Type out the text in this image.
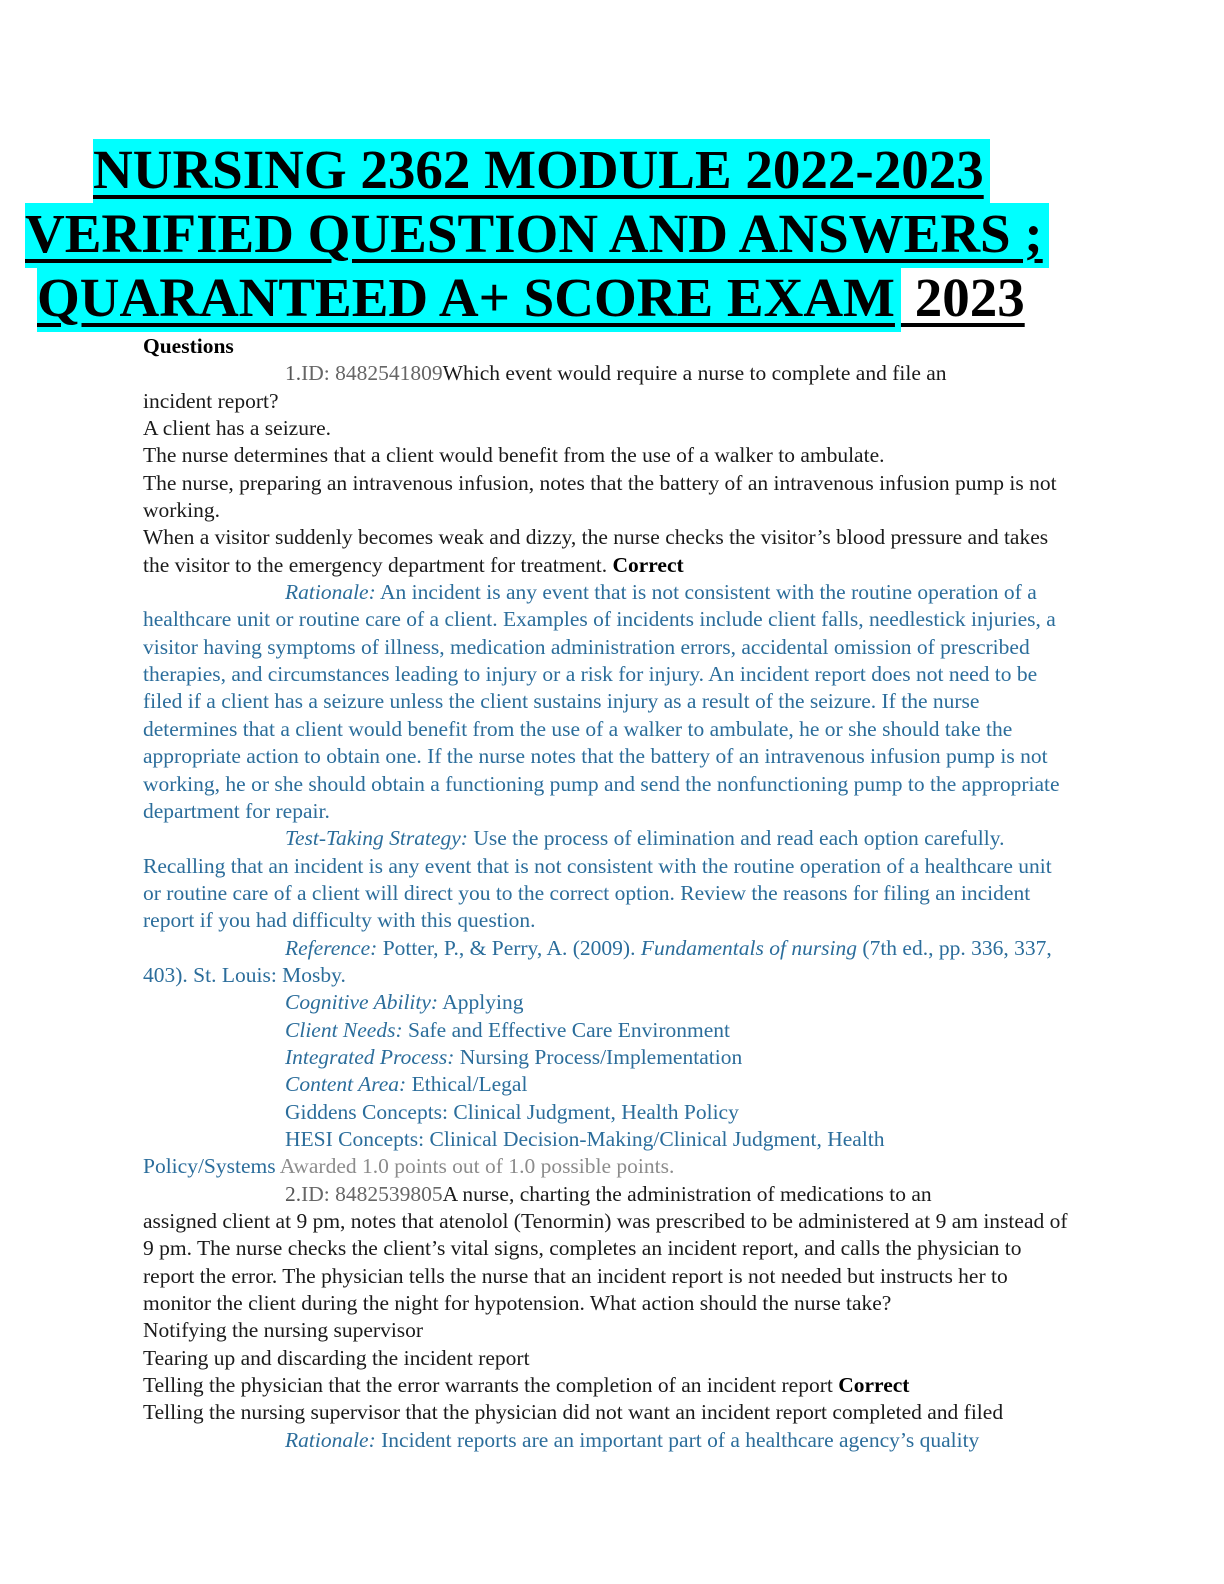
NURSING 2362 MODULE 2022-2023
VERIFIED QUESTION AND ANSWERS ;
QUARANTEED A+ SCORE EXAM 2023

Questions

1.ID: 8482541809Which event would require a nurse to complete and file an

incident report?

A client has a seizure.

The nurse determines that a client would benefit from the use of a walker to ambulate.

The nurse, preparing an intravenous infusion, notes that the battery of an intravenous infusion pump is not working.

When a visitor suddenly becomes weak and dizzy, the nurse checks the visitor’s blood pressure and takes the visitor to the emergency department for treatment. Correct

Rationale: An incident is any event that is not consistent with the routine operation of a healthcare unit or routine care of a client. Examples of incidents include client falls, needlestick injuries, a visitor having symptoms of illness, medication administration errors, accidental omission of prescribed therapies, and circumstances leading to injury or a risk for injury. An incident report does not need to be filed if a client has a seizure unless the client sustains injury as a result of the seizure. If the nurse determines that a client would benefit from the use of a walker to ambulate, he or she should take the appropriate action to obtain one. If the nurse notes that the battery of an intravenous infusion pump is not working, he or she should obtain a functioning pump and send the nonfunctioning pump to the appropriate department for repair.

Test-Taking Strategy: Use the process of elimination and read each option carefully. Recalling that an incident is any event that is not consistent with the routine operation of a healthcare unit or routine care of a client will direct you to the correct option. Review the reasons for filing an incident report if you had difficulty with this question.

Reference: Potter, P., & Perry, A. (2009). Fundamentals of nursing (7th ed., pp. 336, 337, 403). St. Louis: Mosby.

Cognitive Ability: Applying

Client Needs: Safe and Effective Care Environment

Integrated Process: Nursing Process/Implementation

Content Area: Ethical/Legal

Giddens Concepts: Clinical Judgment, Health Policy

HESI Concepts: Clinical Decision-Making/Clinical Judgment, Health

Policy/Systems Awarded 1.0 points out of 1.0 possible points.

2.ID: 8482539805A nurse, charting the administration of medications to an

assigned client at 9 pm, notes that atenolol (Tenormin) was prescribed to be administered at 9 am instead of 9 pm. The nurse checks the client’s vital signs, completes an incident report, and calls the physician to report the error. The physician tells the nurse that an incident report is not needed but instructs her to monitor the client during the night for hypotension. What action should the nurse take?

Notifying the nursing supervisor

Tearing up and discarding the incident report

Telling the physician that the error warrants the completion of an incident report Correct

Telling the nursing supervisor that the physician did not want an incident report completed and filed

Rationale: Incident reports are an important part of a healthcare agency’s quality
